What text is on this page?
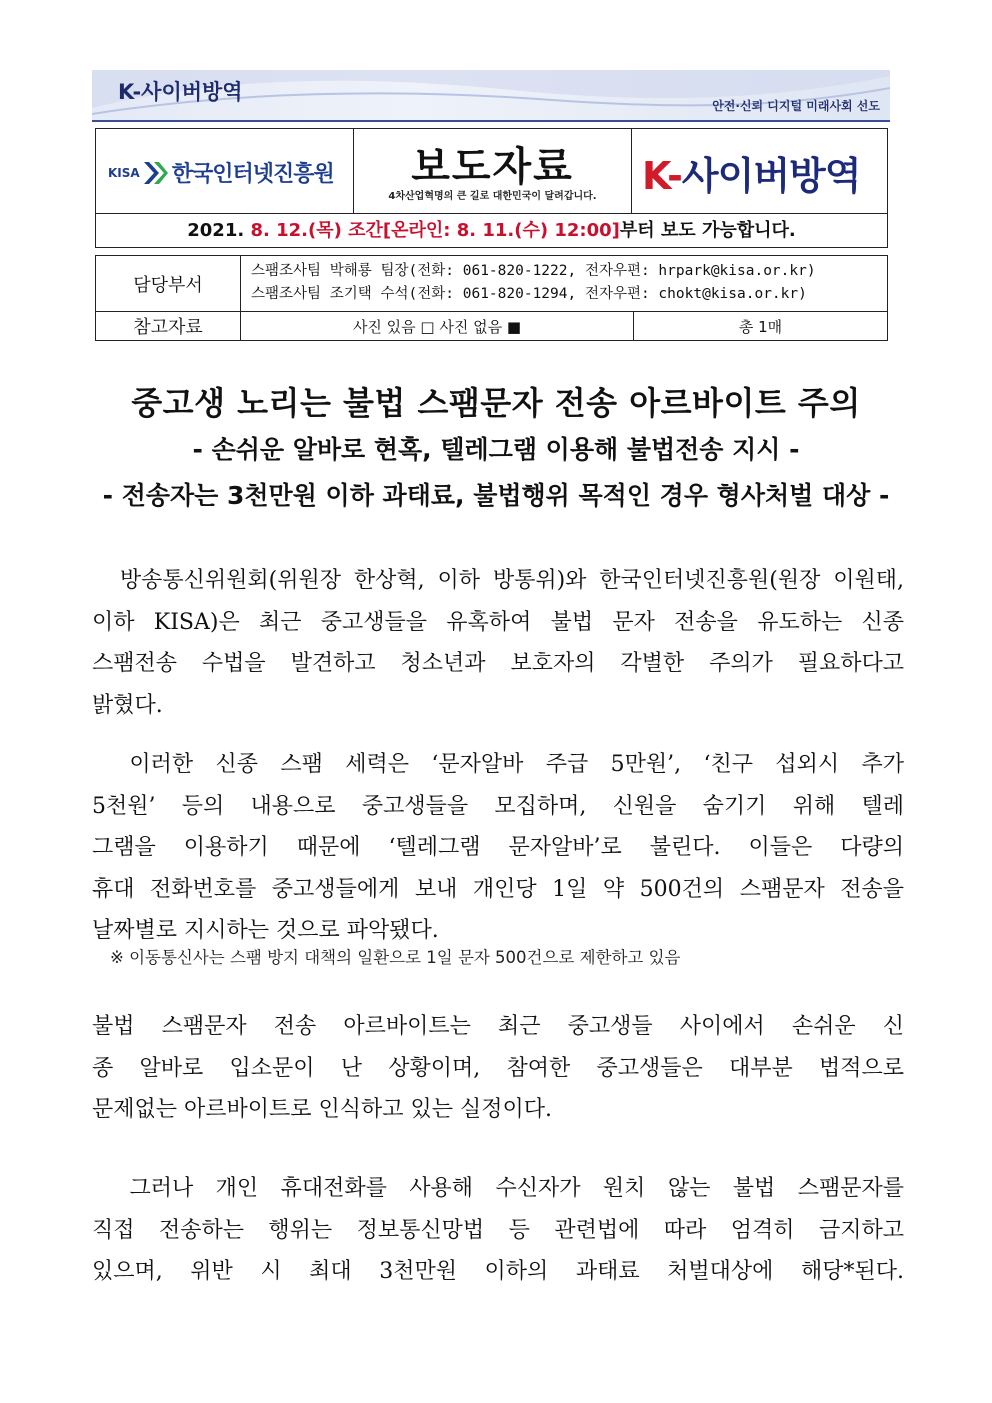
K-사이버방역
안전·신뢰 디지털 미래사회 선도
KISA 한국인터넷진흥원	보도자료
4차산업혁명의 큰 길로 대한민국이 달려갑니다.	K-사이버방역
2021. 8. 12.(목) 조간[온라인: 8. 11.(수) 12:00]부터 보도 가능합니다.
담당부서
스팸조사팀 박해룡 팀장(전화: 061-820-1222, 전자우편: hrpark@kisa.or.kr)
스팸조사팀 조기택 수석(전화: 061-820-1294, 전자우편: chokt@kisa.or.kr)
참고자료	사진 있음 □ 사진 없음 ■	총 1매
중고생 노리는 불법 스팸문자 전송 아르바이트 주의
- 손쉬운 알바로 현혹, 텔레그램 이용해 불법전송 지시 -
- 전송자는 3천만원 이하 과태료, 불법행위 목적인 경우 형사처벌 대상 -
　방송통신위원회(위원장 한상혁, 이하 방통위)와 한국인터넷진흥원(원장 이원태,
이하 KISA)은 최근 중고생들을 유혹하여 불법 문자 전송을 유도하는 신종
스팸전송 수법을 발견하고 청소년과 보호자의 각별한 주의가 필요하다고
밝혔다.
　이러한 신종 스팸 세력은 ‘문자알바 주급 5만원’, ‘친구 섭외시 추가
5천원’ 등의 내용으로 중고생들을 모집하며, 신원을 숨기기 위해 텔레
그램을 이용하기 때문에 ‘텔레그램 문자알바’로 불린다. 이들은 다량의
휴대 전화번호를 중고생들에게 보내 개인당 1일 약 500건의 스팸문자 전송을
날짜별로 지시하는 것으로 파악됐다.
※ 이동통신사는 스팸 방지 대책의 일환으로 1일 문자 500건으로 제한하고 있음
불법 스팸문자 전송 아르바이트는 최근 중고생들 사이에서 손쉬운 신
종 알바로 입소문이 난 상황이며, 참여한 중고생들은 대부분 법적으로
문제없는 아르바이트로 인식하고 있는 실정이다.
　그러나 개인 휴대전화를 사용해 수신자가 원치 않는 불법 스팸문자를
직접 전송하는 행위는 정보통신망법 등 관련법에 따라 엄격히 금지하고
있으며, 위반 시 최대 3천만원 이하의 과태료 처벌대상에 해당*된다.
